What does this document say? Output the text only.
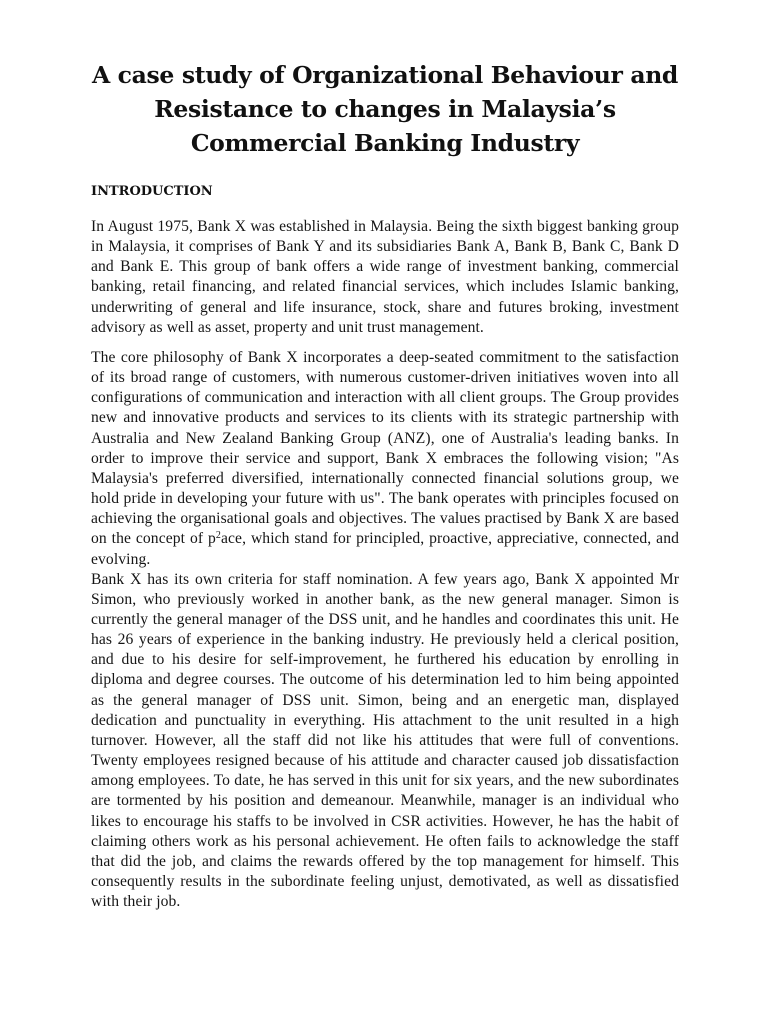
A case study of Organizational Behaviour and Resistance to changes in Malaysia’s Commercial Banking Industry
INTRODUCTION

In August 1975, Bank X was established in Malaysia. Being the sixth biggest banking group in Malaysia, it comprises of Bank Y and its subsidiaries Bank A, Bank B, Bank C, Bank D and Bank E. This group of bank offers a wide range of investment banking, commercial banking, retail financing, and related financial services, which includes Islamic banking, underwriting of general and life insurance, stock, share and futures broking, investment advisory as well as asset, property and unit trust management.

The core philosophy of Bank X incorporates a deep-seated commitment to the satisfaction of its broad range of customers, with numerous customer-driven initiatives woven into all configurations of communication and interaction with all client groups. The Group provides new and innovative products and services to its clients with its strategic partnership with Australia and New Zealand Banking Group (ANZ), one of Australia's leading banks. In order to improve their service and support, Bank X embraces the following vision; "As Malaysia's preferred diversified, internationally connected financial solutions group, we hold pride in developing your future with us". The bank operates with principles focused on achieving the organisational goals and objectives. The values practised by Bank X are based on the concept of $p^2ace$, which stand for principled, proactive, appreciative, connected, and evolving.

Bank X has its own criteria for staff nomination. A few years ago, Bank X appointed Mr Simon, who previously worked in another bank, as the new general manager. Simon is currently the general manager of the DSS unit, and he handles and coordinates this unit. He has 26 years of experience in the banking industry. He previously held a clerical position, and due to his desire for self-improvement, he furthered his education by enrolling in diploma and degree courses. The outcome of his determination led to him being appointed as the general manager of DSS unit. Simon, being and an energetic man, displayed dedication and punctuality in everything. His attachment to the unit resulted in a high turnover. However, all the staff did not like his attitudes that were full of conventions. Twenty employees resigned because of his attitude and character caused job dissatisfaction among employees. To date, he has served in this unit for six years, and the new subordinates are tormented by his position and demeanour. Meanwhile, manager is an individual who likes to encourage his staffs to be involved in CSR activities. However, he has the habit of claiming others work as his personal achievement. He often fails to acknowledge the staff that did the job, and claims the rewards offered by the top management for himself. This consequently results in the subordinate feeling unjust, demotivated, as well as dissatisfied with their job.
